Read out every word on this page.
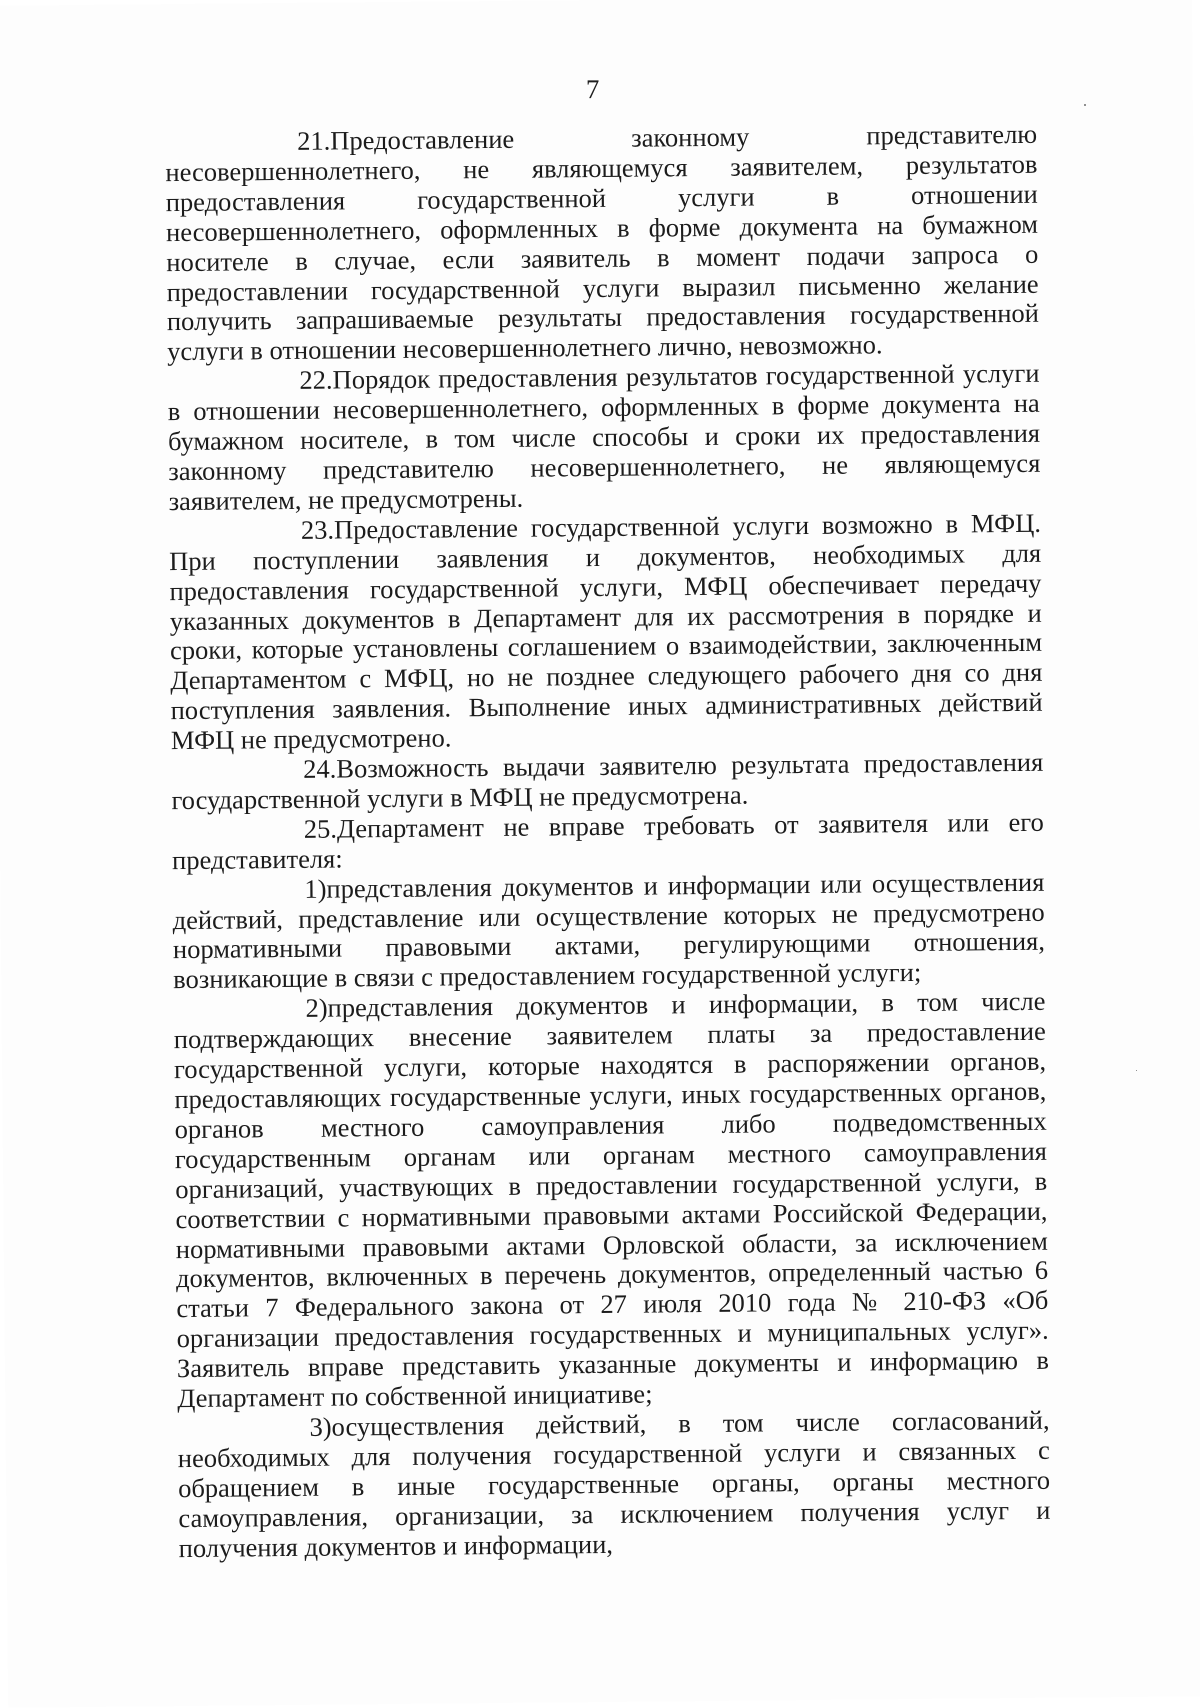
7

21.Предоставление законному представителю несовершеннолетнего, не являющемуся заявителем, результатов предоставления государственной услуги в отношении несовершеннолетнего, оформленных в форме документа на бумажном носителе в случае, если заявитель в момент подачи запроса о предоставлении государственной услуги выразил письменно желание получить запрашиваемые результаты предоставления государственной услуги в отношении несовершеннолетнего лично, невозможно.

22.Порядок предоставления результатов государственной услуги в отношении несовершеннолетнего, оформленных в форме документа на бумажном носителе, в том числе способы и сроки их предоставления законному представителю несовершеннолетнего, не являющемуся заявителем, не предусмотрены.

23.Предоставление государственной услуги возможно в МФЦ. При поступлении заявления и документов, необходимых для предоставления государственной услуги, МФЦ обеспечивает передачу указанных документов в Департамент для их рассмотрения в порядке и сроки, которые установлены соглашением о взаимодействии, заключенным Департаментом с МФЦ, но не позднее следующего рабочего дня со дня поступления заявления. Выполнение иных административных действий МФЦ не предусмотрено.

24.Возможность выдачи заявителю результата предоставления государственной услуги в МФЦ не предусмотрена.

25.Департамент не вправе требовать от заявителя или его представителя:

1)представления документов и информации или осуществления действий, представление или осуществление которых не предусмотрено нормативными правовыми актами, регулирующими отношения, возникающие в связи с предоставлением государственной услуги;

2)представления документов и информации, в том числе подтверждающих внесение заявителем платы за предоставление государственной услуги, которые находятся в распоряжении органов, предоставляющих государственные услуги, иных государственных органов, органов местного самоуправления либо подведомственных государственным органам или органам местного самоуправления организаций, участвующих в предоставлении государственной услуги, в соответствии с нормативными правовыми актами Российской Федерации, нормативными правовыми актами Орловской области, за исключением документов, включенных в перечень документов, определенный частью 6 статьи 7 Федерального закона от 27 июля 2010 года № 210-ФЗ «Об организации предоставления государственных и муниципальных услуг». Заявитель вправе представить указанные документы и информацию в Департамент по собственной инициативе;

3)осуществления действий, в том числе согласований, необходимых для получения государственной услуги и связанных с обращением в иные государственные органы, органы местного самоуправления, организации, за исключением получения услуг и получения документов и информации,
